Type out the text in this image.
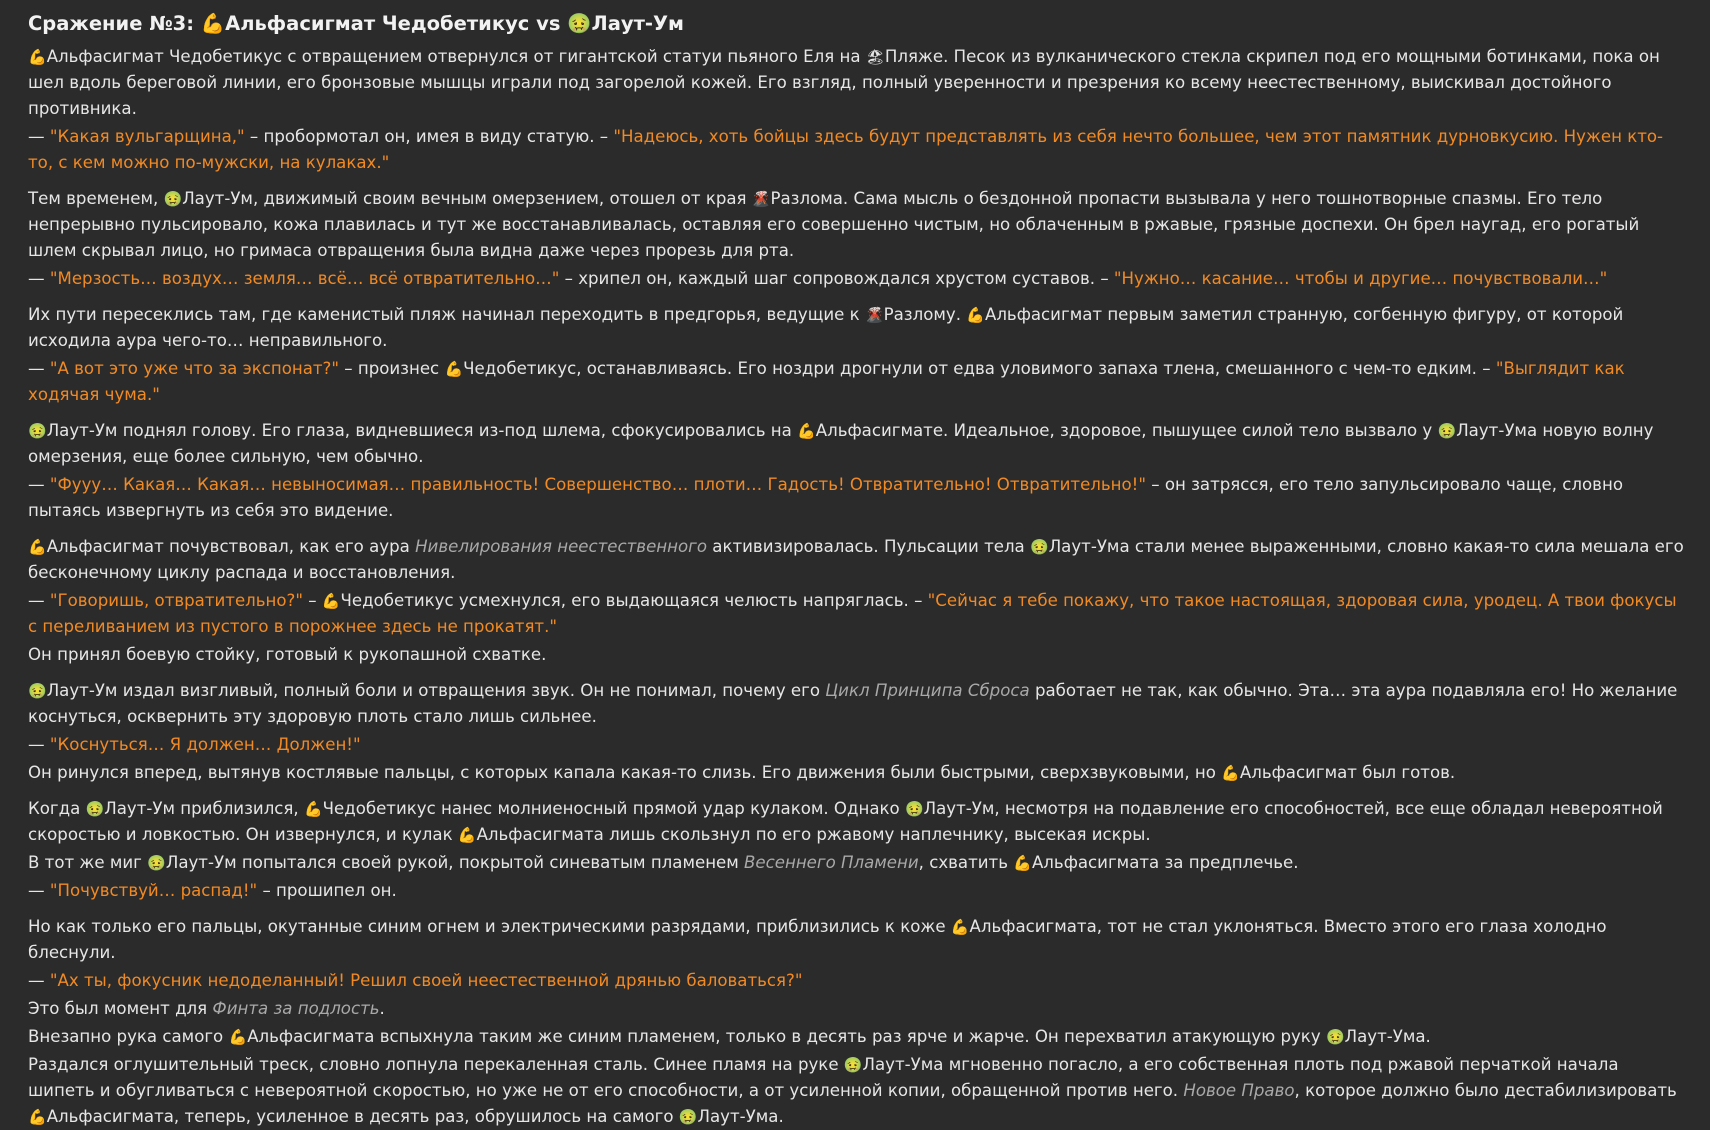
Сражение №3: 💪Альфасигмат Чедобетикус vs 🤢Лаут-Ум

💪Альфасигмат Чедобетикус с отвращением отвернулся от гигантской статуи пьяного Еля на 🏖Пляже. Песок из вулканического стекла скрипел под его мощными ботинками, пока он шел вдоль береговой линии, его бронзовые мышцы играли под загорелой кожей. Его взгляд, полный уверенности и презрения ко всему неестественному, выискивал достойного противника.

— "Какая вульгарщина," – пробормотал он, имея в виду статую. – "Надеюсь, хоть бойцы здесь будут представлять из себя нечто большее, чем этот памятник дурновкусию. Нужен кто-то, с кем можно по-мужски, на кулаках."

Тем временем, 🤢Лаут-Ум, движимый своим вечным омерзением, отошел от края 🌋Разлома. Сама мысль о бездонной пропасти вызывала у него тошнотворные спазмы. Его тело непрерывно пульсировало, кожа плавилась и тут же восстанавливалась, оставляя его совершенно чистым, но облаченным в ржавые, грязные доспехи. Он брел наугад, его рогатый шлем скрывал лицо, но гримаса отвращения была видна даже через прорезь для рта.

— "Мерзость… воздух… земля… всё… всё отвратительно…" – хрипел он, каждый шаг сопровождался хрустом суставов. – "Нужно… касание… чтобы и другие… почувствовали…"

Их пути пересеклись там, где каменистый пляж начинал переходить в предгорья, ведущие к 🌋Разлому. 💪Альфасигмат первым заметил странную, согбенную фигуру, от которой исходила аура чего-то… неправильного.

— "А вот это уже что за экспонат?" – произнес 💪Чедобетикус, останавливаясь. Его ноздри дрогнули от едва уловимого запаха тлена, смешанного с чем-то едким. – "Выглядит как ходячая чума."

🤢Лаут-Ум поднял голову. Его глаза, видневшиеся из-под шлема, сфокусировались на 💪Альфасигмате. Идеальное, здоровое, пышущее силой тело вызвало у 🤢Лаут-Ума новую волну омерзения, еще более сильную, чем обычно.

— "Фууу… Какая… Какая… невыносимая… правильность! Совершенство… плоти… Гадость! Отвратительно! Отвратительно!" – он затрясся, его тело запульсировало чаще, словно пытаясь извергнуть из себя это видение.

💪Альфасигмат почувствовал, как его аура Нивелирования неестественного активизировалась. Пульсации тела 🤢Лаут-Ума стали менее выраженными, словно какая-то сила мешала его бесконечному циклу распада и восстановления.

— "Говоришь, отвратительно?" – 💪Чедобетикус усмехнулся, его выдающаяся челюсть напряглась. – "Сейчас я тебе покажу, что такое настоящая, здоровая сила, уродец. А твои фокусы с переливанием из пустого в порожнее здесь не прокатят."

Он принял боевую стойку, готовый к рукопашной схватке.

🤢Лаут-Ум издал визгливый, полный боли и отвращения звук. Он не понимал, почему его Цикл Принципа Сброса работает не так, как обычно. Эта… эта аура подавляла его! Но желание коснуться, осквернить эту здоровую плоть стало лишь сильнее.

— "Коснуться… Я должен… Должен!"

Он ринулся вперед, вытянув костлявые пальцы, с которых капала какая-то слизь. Его движения были быстрыми, сверхзвуковыми, но 💪Альфасигмат был готов.

Когда 🤢Лаут-Ум приблизился, 💪Чедобетикус нанес молниеносный прямой удар кулаком. Однако 🤢Лаут-Ум, несмотря на подавление его способностей, все еще обладал невероятной скоростью и ловкостью. Он извернулся, и кулак 💪Альфасигмата лишь скользнул по его ржавому наплечнику, высекая искры.

В тот же миг 🤢Лаут-Ум попытался своей рукой, покрытой синеватым пламенем Весеннего Пламени, схватить 💪Альфасигмата за предплечье.

— "Почувствуй… распад!" – прошипел он.

Но как только его пальцы, окутанные синим огнем и электрическими разрядами, приблизились к коже 💪Альфасигмата, тот не стал уклоняться. Вместо этого его глаза холодно блеснули.

— "Ах ты, фокусник недоделанный! Решил своей неестественной дрянью баловаться?"

Это был момент для Финта за подлость.

Внезапно рука самого 💪Альфасигмата вспыхнула таким же синим пламенем, только в десять раз ярче и жарче. Он перехватил атакующую руку 🤢Лаут-Ума.

Раздался оглушительный треск, словно лопнула перекаленная сталь. Синее пламя на руке 🤢Лаут-Ума мгновенно погасло, а его собственная плоть под ржавой перчаткой начала шипеть и обугливаться с невероятной скоростью, но уже не от его способности, а от усиленной копии, обращенной против него. Новое Право, которое должно было дестабилизировать 💪Альфасигмата, теперь, усиленное в десять раз, обрушилось на самого 🤢Лаут-Ума.
